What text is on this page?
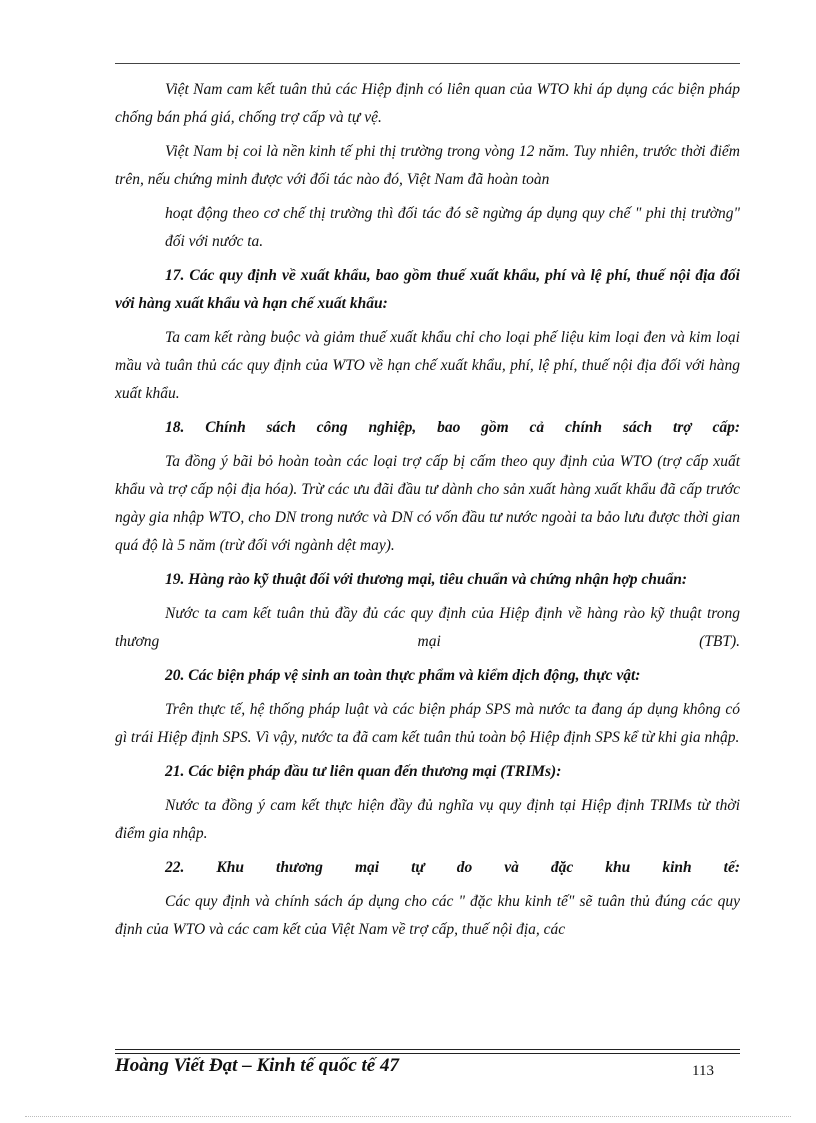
Việt Nam cam kết tuân thủ các Hiệp định có liên quan của WTO khi áp dụng các biện pháp chống bán phá giá, chống trợ cấp và tự vệ.

Việt Nam bị coi là nền kinh tế phi thị trường trong vòng 12 năm. Tuy nhiên, trước thời điểm trên, nếu chứng minh được với đối tác nào đó, Việt Nam đã hoàn toàn

hoạt động theo cơ chế thị trường thì đối tác đó sẽ ngừng áp dụng quy chế " phi thị trường" đối với nước ta.

17. Các quy định về xuất khẩu, bao gồm thuế xuất khẩu, phí và lệ phí, thuế nội địa đối với hàng xuất khẩu và hạn chế xuất khẩu:

Ta cam kết ràng buộc và giảm thuế xuất khẩu chỉ cho loại phế liệu kim loại đen và kim loại mầu và tuân thủ các quy định của WTO về hạn chế xuất khẩu, phí, lệ phí, thuế nội địa đối với hàng xuất khẩu.

18. Chính sách công nghiệp, bao gồm cả chính sách trợ cấp:

Ta đồng ý bãi bỏ hoàn toàn các loại trợ cấp bị cấm theo quy định của WTO (trợ cấp xuất khẩu và trợ cấp nội địa hóa). Trừ các ưu đãi đầu tư dành cho sản xuất hàng xuất khẩu đã cấp trước ngày gia nhập WTO, cho DN trong nước và DN có vốn đầu tư nước ngoài ta bảo lưu được thời gian quá độ là 5 năm (trừ đối với ngành dệt may).

19. Hàng rào kỹ thuật đối với thương mại, tiêu chuẩn và chứng nhận hợp chuẩn:

Nước ta cam kết tuân thủ đầy đủ các quy định của Hiệp định về hàng rào kỹ thuật trong thương mại (TBT).

20. Các biện pháp vệ sinh an toàn thực phẩm và kiểm dịch động, thực vật:

Trên thực tế, hệ thống pháp luật và các biện pháp SPS mà nước ta đang áp dụng không có gì trái Hiệp định SPS. Vì vậy, nước ta đã cam kết tuân thủ toàn bộ Hiệp định SPS kể từ khi gia nhập.

21. Các biện pháp đầu tư liên quan đến thương mại (TRIMs):

Nước ta đồng ý cam kết thực hiện đầy đủ nghĩa vụ quy định tại Hiệp định TRIMs từ thời điểm gia nhập.

22. Khu thương mại tự do và đặc khu kinh tế:

Các quy định và chính sách áp dụng cho các " đặc khu kinh tế" sẽ tuân thủ đúng các quy định của WTO và các cam kết của Việt Nam về trợ cấp, thuế nội địa, các

Hoàng Viết Đạt – Kinh tế quốc tế 47	113
